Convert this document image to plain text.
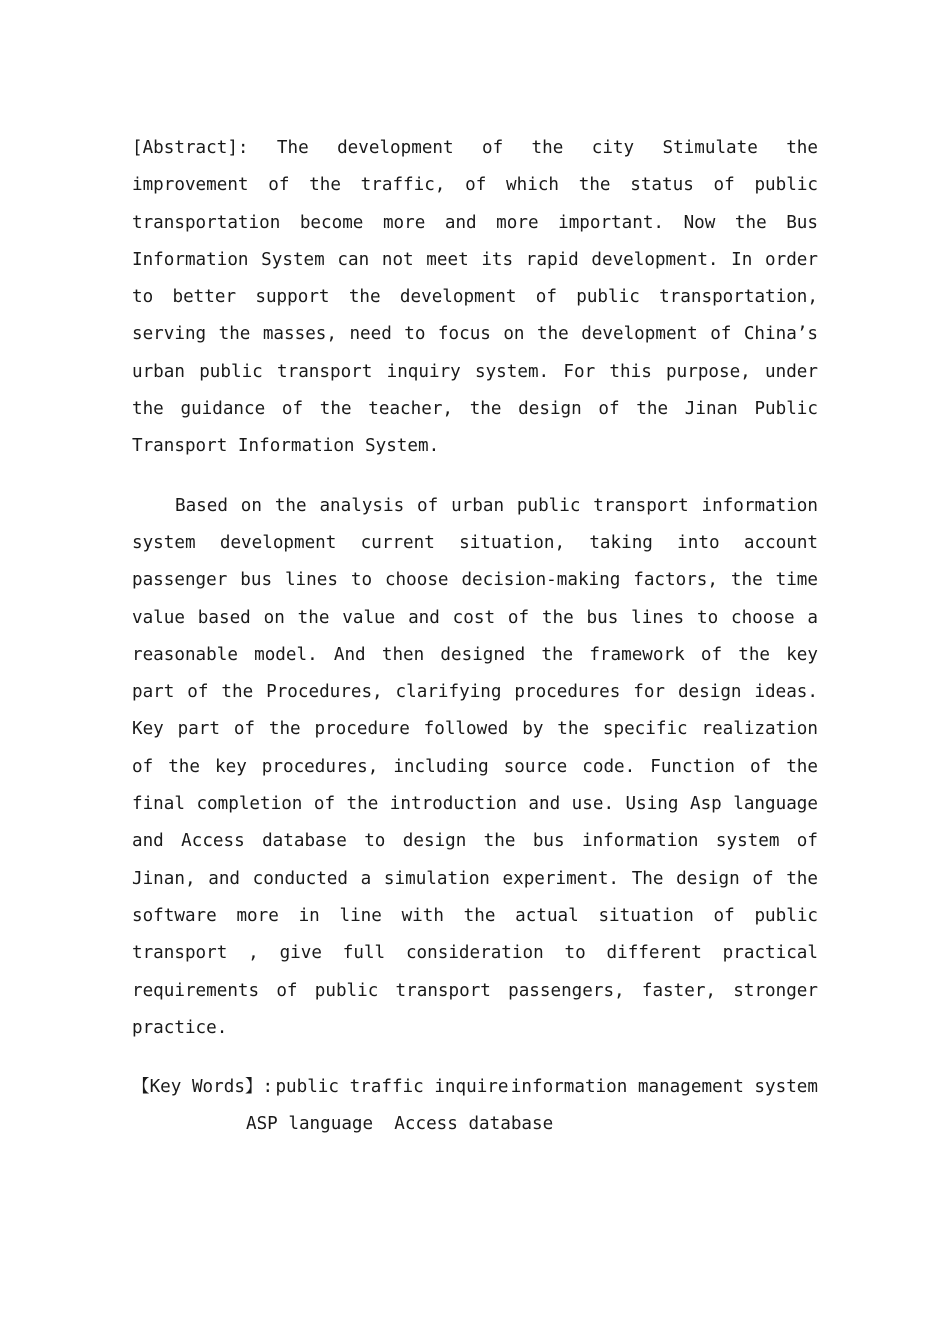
[Abstract]: The development of the city Stimulate the improvement of the traffic, of which the status of public transportation become more and more important. Now the Bus Information System can not meet its rapid development. In order to better support the development of public transportation, serving the masses, need to focus on the development of China’s urban public transport inquiry system. For this purpose, under the guidance of the teacher, the design of the Jinan Public Transport Information System.

Based on the analysis of urban public transport information system development current situation, taking into account passenger bus lines to choose decision-making factors, the time value based on the value and cost of the bus lines to choose a reasonable model. And then designed the framework of the key part of the Procedures, clarifying procedures for design ideas. Key part of the procedure followed by the specific realization of the key procedures, including source code. Function of the final completion of the introduction and use. Using Asp language and Access database to design the bus information system of Jinan, and conducted a simulation experiment. The design of the software more in line with the actual situation of public transport , give full consideration to different practical requirements of public transport passengers, faster, stronger practice.

【Key Words】: public traffic inquire information management system
ASP language Access database
